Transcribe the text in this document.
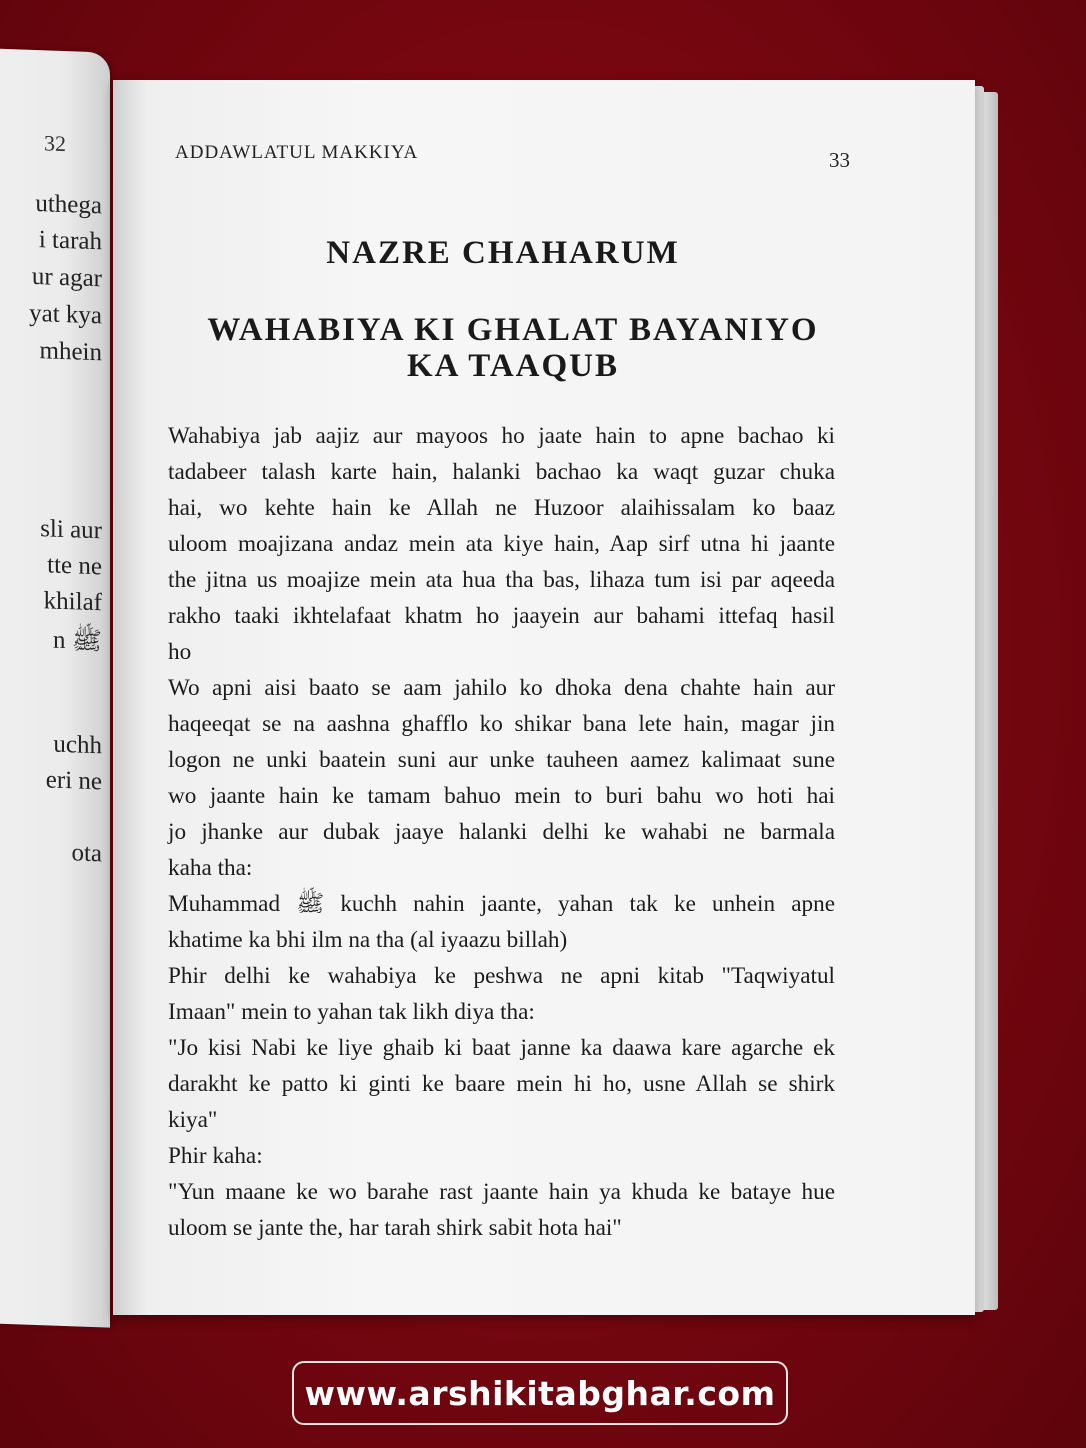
32
uthega
i tarah
ur agar
yat kya
mhein
sli aur
tte ne
khilaf
n ﷺ
uchh
eri ne
ota
ADDAWLATUL MAKKIYA	33
NAZRE CHAHARUM
WAHABIYA KI GHALAT BAYANIYO
KA TAAQUB

Wahabiya jab aajiz aur mayoos ho jaate hain to apne bachao ki
tadabeer talash karte hain, halanki bachao ka waqt guzar chuka
hai, wo kehte hain ke Allah ne Huzoor alaihissalam ko baaz
uloom moajizana andaz mein ata kiye hain, Aap sirf utna hi jaante
the jitna us moajize mein ata hua tha bas, lihaza tum isi par aqeeda
rakho taaki ikhtelafaat khatm ho jaayein aur bahami ittefaq hasil
ho

Wo apni aisi baato se aam jahilo ko dhoka dena chahte hain aur
haqeeqat se na aashna ghafflo ko shikar bana lete hain, magar jin
logon ne unki baatein suni aur unke tauheen aamez kalimaat sune
wo jaante hain ke tamam bahuo mein to buri bahu wo hoti hai
jo jhanke aur dubak jaaye halanki delhi ke wahabi ne barmala
kaha tha:

Muhammad ﷺ kuchh nahin jaante, yahan tak ke unhein apne
khatime ka bhi ilm na tha (al iyaazu billah)

Phir delhi ke wahabiya ke peshwa ne apni kitab "Taqwiyatul
Imaan" mein to yahan tak likh diya tha:

"Jo kisi Nabi ke liye ghaib ki baat janne ka daawa kare agarche ek
darakht ke patto ki ginti ke baare mein hi ho, usne Allah se shirk
kiya"

Phir kaha:

"Yun maane ke wo barahe rast jaante hain ya khuda ke bataye hue
uloom se jante the, har tarah shirk sabit hota hai"

www.arshikitabghar.com
